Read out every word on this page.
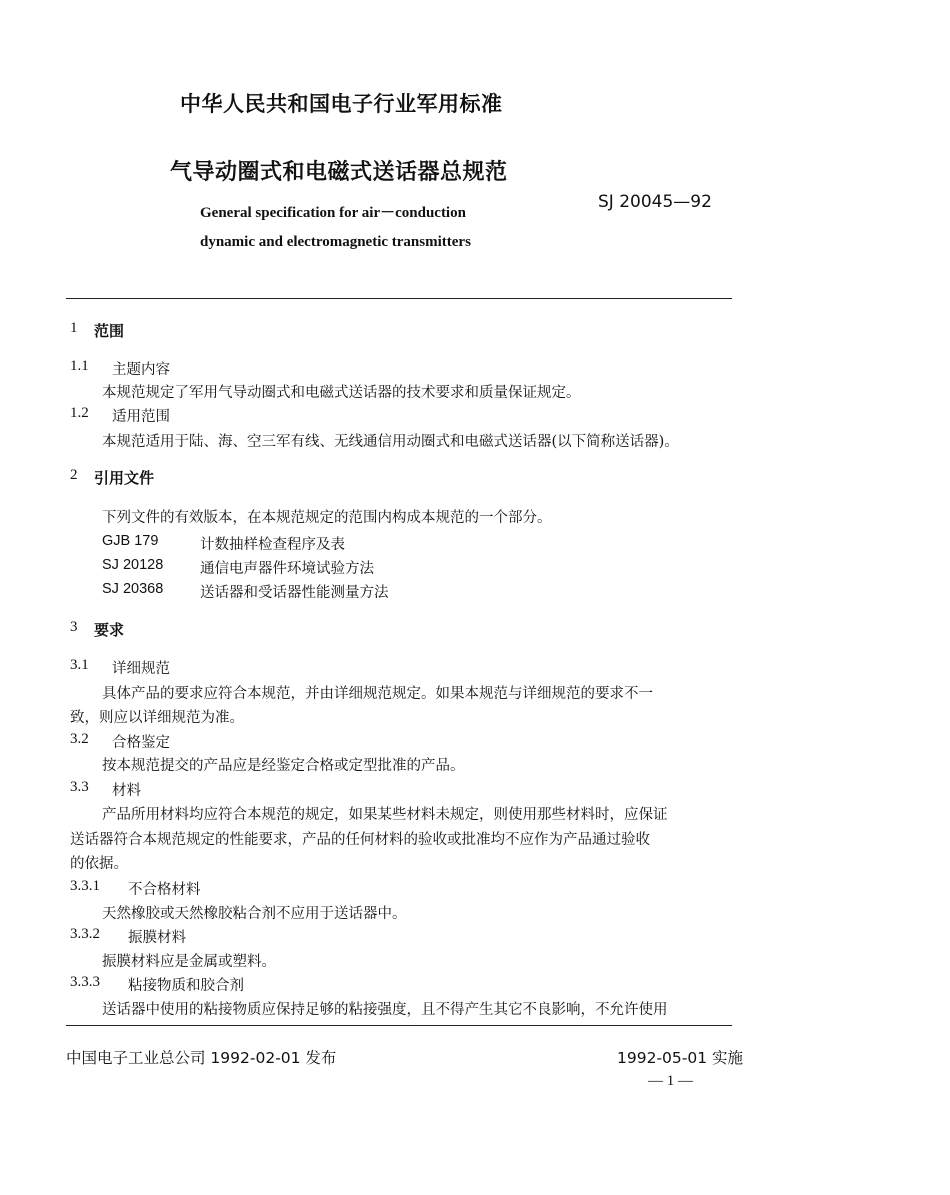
中华人民共和国电子行业军用标准
气导动圈式和电磁式送话器总规范
General specification for air－conduction
dynamic and electromagnetic transmitters
SJ 20045—92
1 范围
1.1 主题内容
本规范规定了军用气导动圈式和电磁式送话器的技术要求和质量保证规定。
1.2 适用范围
本规范适用于陆、海、空三军有线、无线通信用动圈式和电磁式送话器(以下简称送话器)。
2 引用文件
下列文件的有效版本，在本规范规定的范围内构成本规范的一个部分。
GJB 179	计数抽样检查程序及表
SJ 20128	通信电声器件环境试验方法
SJ 20368	送话器和受话器性能测量方法
3 要求
3.1 详细规范
具体产品的要求应符合本规范，并由详细规范规定。如果本规范与详细规范的要求不一
致，则应以详细规范为准。
3.2 合格鉴定
按本规范提交的产品应是经鉴定合格或定型批准的产品。
3.3 材料
产品所用材料均应符合本规范的规定，如果某些材料未规定，则使用那些材料时，应保证
送话器符合本规范规定的性能要求，产品的任何材料的验收或批准均不应作为产品通过验收
的依据。
3.3.1 不合格材料
天然橡胶或天然橡胶粘合剂不应用于送话器中。
3.3.2 振膜材料
振膜材料应是金属或塑料。
3.3.3 粘接物质和胶合剂
送话器中使用的粘接物质应保持足够的粘接强度，且不得产生其它不良影响，不允许使用
中国电子工业总公司 1992-02-01 发布	1992-05-01 实施
— 1 —
